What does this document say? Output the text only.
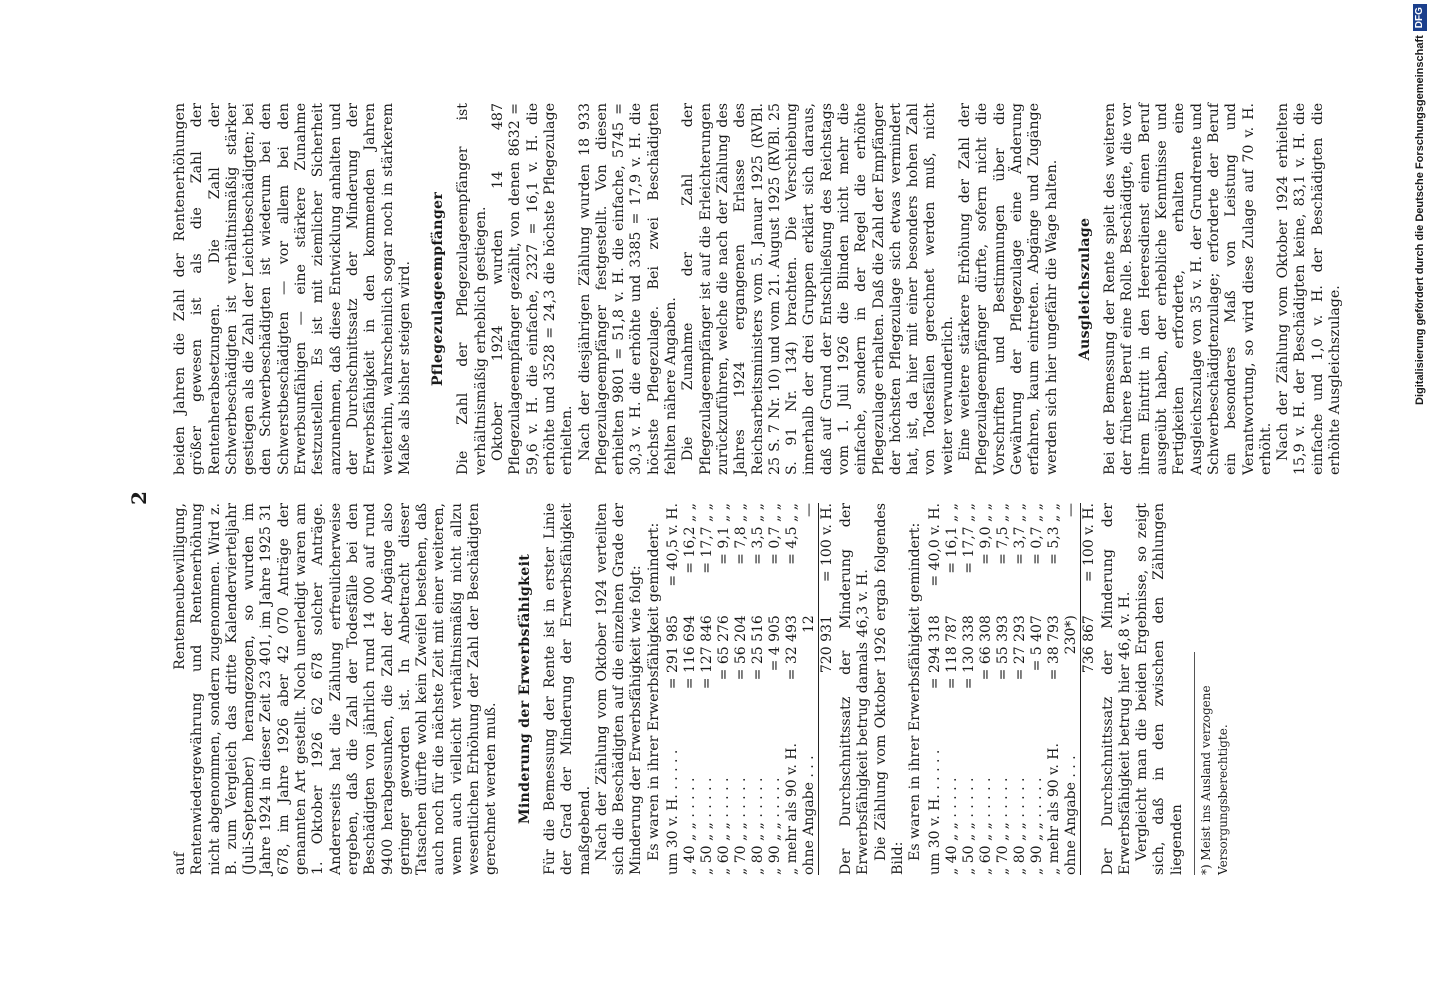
2

auf Rentenneubewilligung, Rentenwiedergewährung und Rentenerhöhung nicht abgenommen, sondern zugenommen. Wird z. B. zum Vergleich das dritte Kalendervierteljahr (Juli-September) herangezogen, so wurden im Jahre 1924 in dieser Zeit 23 401, im Jahre 1925 31 678, im Jahre 1926 aber 42 070 Anträge der genannten Art gestellt. Noch unerledigt waren am 1. Oktober 1926 62 678 solcher Anträge. Andererseits hat die Zählung erfreulicherweise ergeben, daß die Zahl der Todesfälle bei den Beschädigten von jährlich rund 14 000 auf rund 9400 herabgesunken, die Zahl der Abgänge also geringer geworden ist. In Anbetracht dieser Tatsachen dürfte wohl kein Zweifel bestehen, daß auch noch für die nächste Zeit mit einer weiteren, wenn auch vielleicht verhältnismäßig nicht allzu wesentlichen Erhöhung der Zahl der Beschädigten gerechnet werden muß. Minderung der Erwerbsfähigkeit Für die Bemessung der Rente ist in erster Linie der Grad der Minderung der Erwerbsfähigkeit maßgebend. Nach der Zählung vom Oktober 1924 verteilten sich die Beschädigten auf die einzelnen Grade der Minderung der Erwerbsfähigkeit wie folgt: Es waren in ihrer Erwerbsfähigkeit gemindert: um 30 v. H. . . . . .	= 291 985	= 40,5 v. H.
„ 40 „ „ . . . . .	= 116 694	= 16,2 „ „
„ 50 „ „ . . . . .	= 127 846	= 17,7 „ „
„ 60 „ „ . . . . .	= 65 276	= 9,1 „ „
„ 70 „ „ . . . . .	= 56 204	= 7,8 „ „
„ 80 „ „ . . . . .	= 25 516	= 3,5 „ „
„ 90 „ „ . . . . .	= 4 905	= 0,7 „ „
„ mehr als 90 v. H.	= 32 493	= 4,5 „ „
ohne Angabe . . .	12	—
	720 931	= 100 v. H. Der Durchschnittssatz der Minderung der Erwerbsfähigkeit betrug damals 46,3 v. H. Die Zählung vom Oktober 1926 ergab folgendes Bild: Es waren in ihrer Erwerbsfähigkeit gemindert: um 30 v. H. . . . . .	= 294 318	= 40,0 v. H.
„ 40 „ „ . . . . .	= 118 787	= 16,1 „ „
„ 50 „ „ . . . . .	= 130 338	= 17,7 „ „
„ 60 „ „ . . . . .	= 66 308	= 9,0 „ „
„ 70 „ „ . . . . .	= 55 393	= 7,5 „ „
„ 80 „ „ . . . . .	= 27 293	= 3,7 „ „
„ 90 „ „ . . . . .	= 5 407	= 0,7 „ „
„ mehr als 90 v. H.	= 38 793	= 5,3 „ „
ohne Angabe . . .	230*)	—
	736 867	= 100 v. H. Der Durchschnittssatz der Minderung der Erwerbsfähigkeit betrug hier 46,8 v. H. Vergleicht man die beiden Ergebnisse, so zeigt sich, daß in den zwischen den Zählungen liegenden	*) Meist ins Ausland verzogene Versorgungsberechtigte.

beiden Jahren die Zahl der Rentenerhöhungen größer gewesen ist als die Zahl der Rentenherabsetzungen. Die Zahl der Schwerbeschädigten ist verhältnismäßig stärker gestiegen als die Zahl der Leichtbeschädigten; bei den Schwerbeschädigten ist wiederum bei den Schwerstbeschädigten — vor allem bei den Erwerbsunfähigen — eine stärkere Zunahme festzustellen. Es ist mit ziemlicher Sicherheit anzunehmen, daß diese Entwicklung anhalten und der Durchschnittssatz der Minderung der Erwerbsfähigkeit in den kommenden Jahren weiterhin, wahrscheinlich sogar noch in stärkerem Maße als bisher steigen wird. Pflegezulageempfänger Die Zahl der Pflegezulageempfänger ist verhältnismäßig erheblich gestiegen. Oktober 1924 wurden 14 487 Pflegezulageempfänger gezählt, von denen 8632 = 59,6 v. H. die einfache, 2327 = 16,1 v. H. die erhöhte und 3528 = 24,3 die höchste Pflegezulage erhielten. Nach der diesjährigen Zählung wurden 18 933 Pflegezulageempfänger festgestellt. Von diesen erhielten 9801 = 51,8 v. H. die einfache, 5745 = 30,3 v. H. die erhöhte und 3385 = 17,9 v. H. die höchste Pflegezulage. Bei zwei Beschädigten fehlten nähere Angaben. Die Zunahme der Zahl der Pflegezulageempfänger ist auf die Erleichterungen zurückzuführen, welche die nach der Zählung des Jahres 1924 ergangenen Erlasse des Reichsarbeitsministers vom 5. Januar 1925 (RVBl. 25 S. 7 Nr. 10) und vom 21. August 1925 (RVBl. 25 S. 91 Nr. 134) brachten. Die Verschiebung innerhalb der drei Gruppen erklärt sich daraus, daß auf Grund der Entschließung des Reichstags vom 1. Juli 1926 die Blinden nicht mehr die einfache, sondern in der Regel die erhöhte Pflegezulage erhalten. Daß die Zahl der Empfänger der höchsten Pflegezulage sich etwas vermindert hat, ist, da hier mit einer besonders hohen Zahl von Todesfällen gerechnet werden muß, nicht weiter verwunderlich. Eine weitere stärkere Erhöhung der Zahl der Pflegezulageempfänger dürfte, sofern nicht die Vorschriften und Bestimmungen über die Gewährung der Pflegezulage eine Änderung erfahren, kaum eintreten. Abgänge und Zugänge werden sich hier ungefähr die Wage halten. Ausgleichszulage Bei der Bemessung der Rente spielt des weiteren der frühere Beruf eine Rolle. Beschädigte, die vor ihrem Eintritt in den Heeresdienst einen Beruf ausgeübt haben, der erhebliche Kenntnisse und Fertigkeiten erforderte, erhalten eine Ausgleichszulage von 35 v. H. der Grundrente und Schwerbeschädigtenzulage; erforderte der Beruf ein besonderes Maß von Leistung und Verantwortung, so wird diese Zulage auf 70 v. H. erhöht. Nach der Zählung vom Oktober 1924 erhielten 15,9 v. H. der Beschädigten keine, 83,1 v. H. die einfache und 1,0 v. H. der Beschädigten die erhöhte Ausgleichszulage.	Digitalisierung gefördert durch die Deutsche ForschungsgemeinschaftDFG
